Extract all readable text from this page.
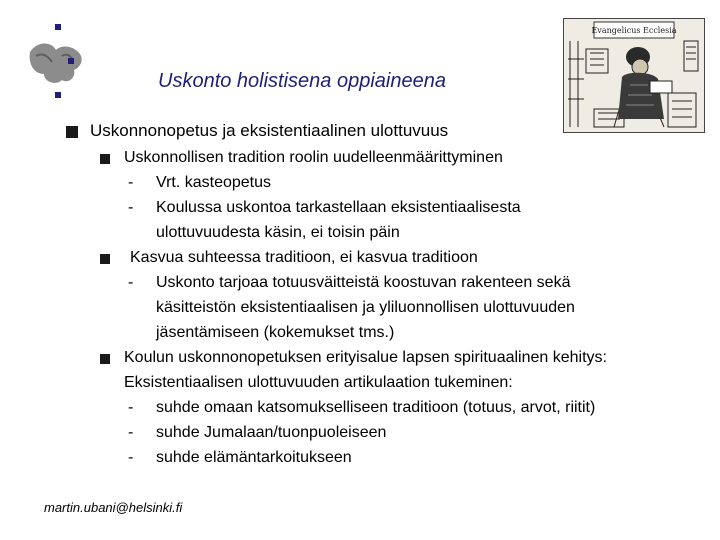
Uskonto holistisena oppiaineena
Evangelicus Ecclesia
Uskonnonopetus ja eksistentiaalinen ulottuvuus
Uskonnollisen tradition roolin uudelleenmäärittyminen
- Vrt. kasteopetus
- Koulussa uskontoa tarkastellaan eksistentiaalisesta
ulottuvuudesta käsin, ei toisin päin
Kasvua suhteessa traditioon, ei kasvua traditioon
- Uskonto tarjoaa totuusväitteistä koostuvan rakenteen sekä
käsitteistön eksistentiaalisen ja yliluonnollisen ulottuvuuden
jäsentämiseen (kokemukset tms.)
Koulun uskonnonopetuksen erityisalue lapsen spirituaalinen kehitys:
Eksistentiaalisen ulottuvuuden artikulaation tukeminen:
- suhde omaan katsomukselliseen traditioon (totuus, arvot, riitit)
- suhde Jumalaan/tuonpuoleiseen
- suhde elämäntarkoitukseen
martin.ubani@helsinki.fi
